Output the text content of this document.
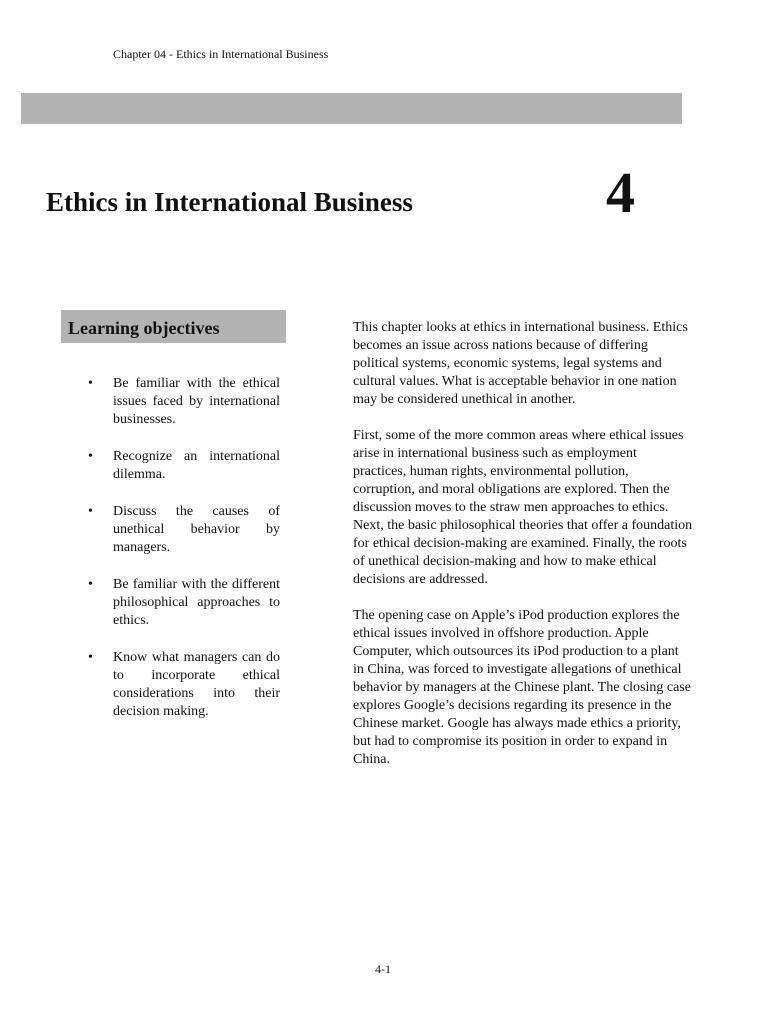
Chapter 04 - Ethics in International Business
Ethics in International Business	4
Learning objectives
• Be familiar with the ethical issues faced by international businesses.
• Recognize an international dilemma.
• Discuss the causes of unethical behavior by managers.
• Be familiar with the different philosophical approaches to ethics.
• Know what managers can do to incorporate ethical considerations into their decision making.

This chapter looks at ethics in international business. Ethics becomes an issue across nations because of differing political systems, economic systems, legal systems and cultural values. What is acceptable behavior in one nation may be considered unethical in another.

First, some of the more common areas where ethical issues arise in international business such as employment practices, human rights, environmental pollution, corruption, and moral obligations are explored. Then the discussion moves to the straw men approaches to ethics. Next, the basic philosophical theories that offer a foundation for ethical decision-making are examined. Finally, the roots of unethical decision-making and how to make ethical decisions are addressed.

The opening case on Apple’s iPod production explores the ethical issues involved in offshore production. Apple Computer, which outsources its iPod production to a plant in China, was forced to investigate allegations of unethical behavior by managers at the Chinese plant. The closing case explores Google’s decisions regarding its presence in the Chinese market. Google has always made ethics a priority, but had to compromise its position in order to expand in China.

4-1
